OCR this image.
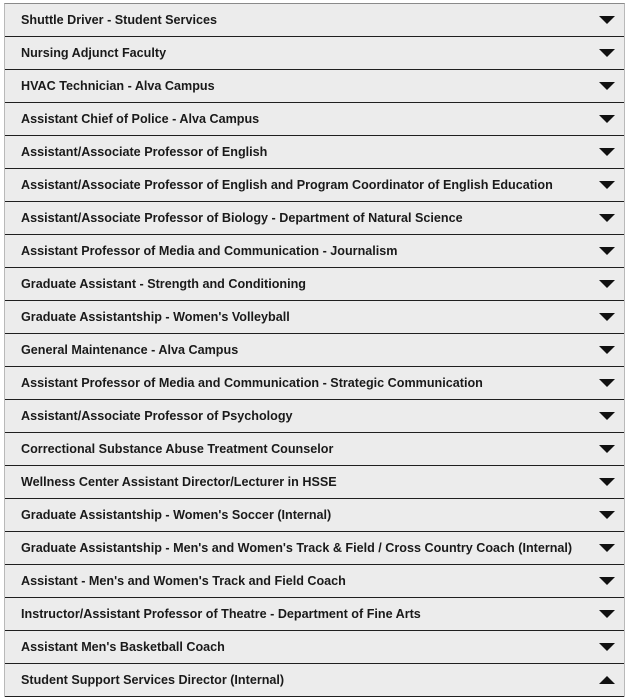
Shuttle Driver - Student Services
Nursing Adjunct Faculty
HVAC Technician - Alva Campus
Assistant Chief of Police - Alva Campus
Assistant/Associate Professor of English
Assistant/Associate Professor of English and Program Coordinator of English Education
Assistant/Associate Professor of Biology - Department of Natural Science
Assistant Professor of Media and Communication - Journalism
Graduate Assistant - Strength and Conditioning
Graduate Assistantship - Women's Volleyball
General Maintenance - Alva Campus
Assistant Professor of Media and Communication - Strategic Communication
Assistant/Associate Professor of Psychology
Correctional Substance Abuse Treatment Counselor
Wellness Center Assistant Director/Lecturer in HSSE
Graduate Assistantship - Women's Soccer (Internal)
Graduate Assistantship - Men's and Women's Track & Field / Cross Country Coach (Internal)
Assistant - Men's and Women's Track and Field Coach
Instructor/Assistant Professor of Theatre - Department of Fine Arts
Assistant Men's Basketball Coach
Student Support Services Director (Internal)
